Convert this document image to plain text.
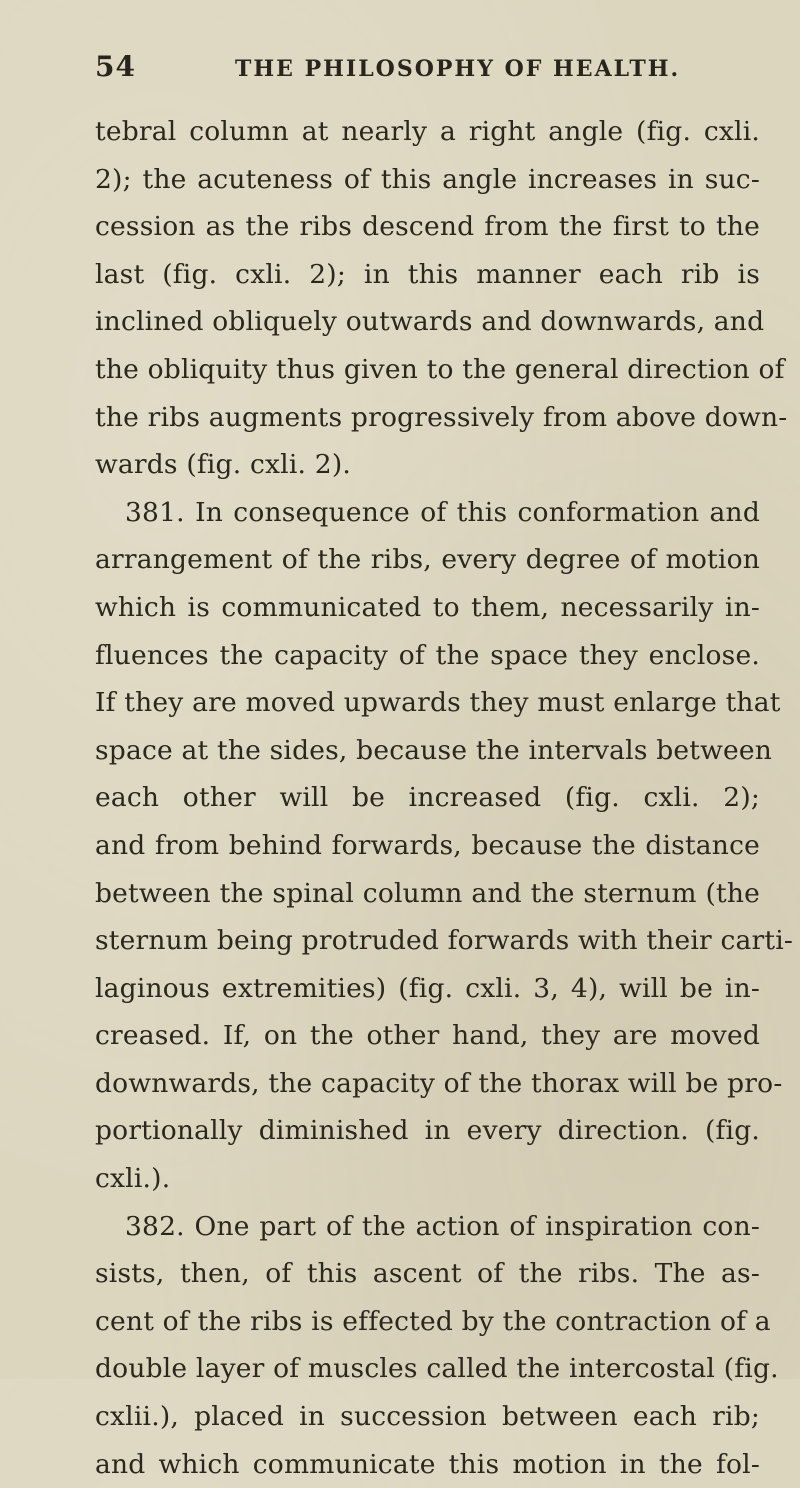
54	THE PHILOSOPHY OF HEALTH.
tebral column at nearly a right angle (fig. cxli.
2); the acuteness of this angle increases in suc-
cession as the ribs descend from the first to the
last (fig. cxli. 2); in this manner each rib is
inclined obliquely outwards and downwards, and
the obliquity thus given to the general direction of
the ribs augments progressively from above down-
wards (fig. cxli. 2).
381. In consequence of this conformation and
arrangement of the ribs, every degree of motion
which is communicated to them, necessarily in-
fluences the capacity of the space they enclose.
If they are moved upwards they must enlarge that
space at the sides, because the intervals between
each other will be increased (fig. cxli. 2);
and from behind forwards, because the distance
between the spinal column and the sternum (the
sternum being protruded forwards with their carti-
laginous extremities) (fig. cxli. 3, 4), will be in-
creased. If, on the other hand, they are moved
downwards, the capacity of the thorax will be pro-
portionally diminished in every direction. (fig.
cxli.).
382. One part of the action of inspiration con-
sists, then, of this ascent of the ribs. The as-
cent of the ribs is effected by the contraction of a
double layer of muscles called the intercostal (fig.
cxlii.), placed in succession between each rib;
and which communicate this motion in the fol-
